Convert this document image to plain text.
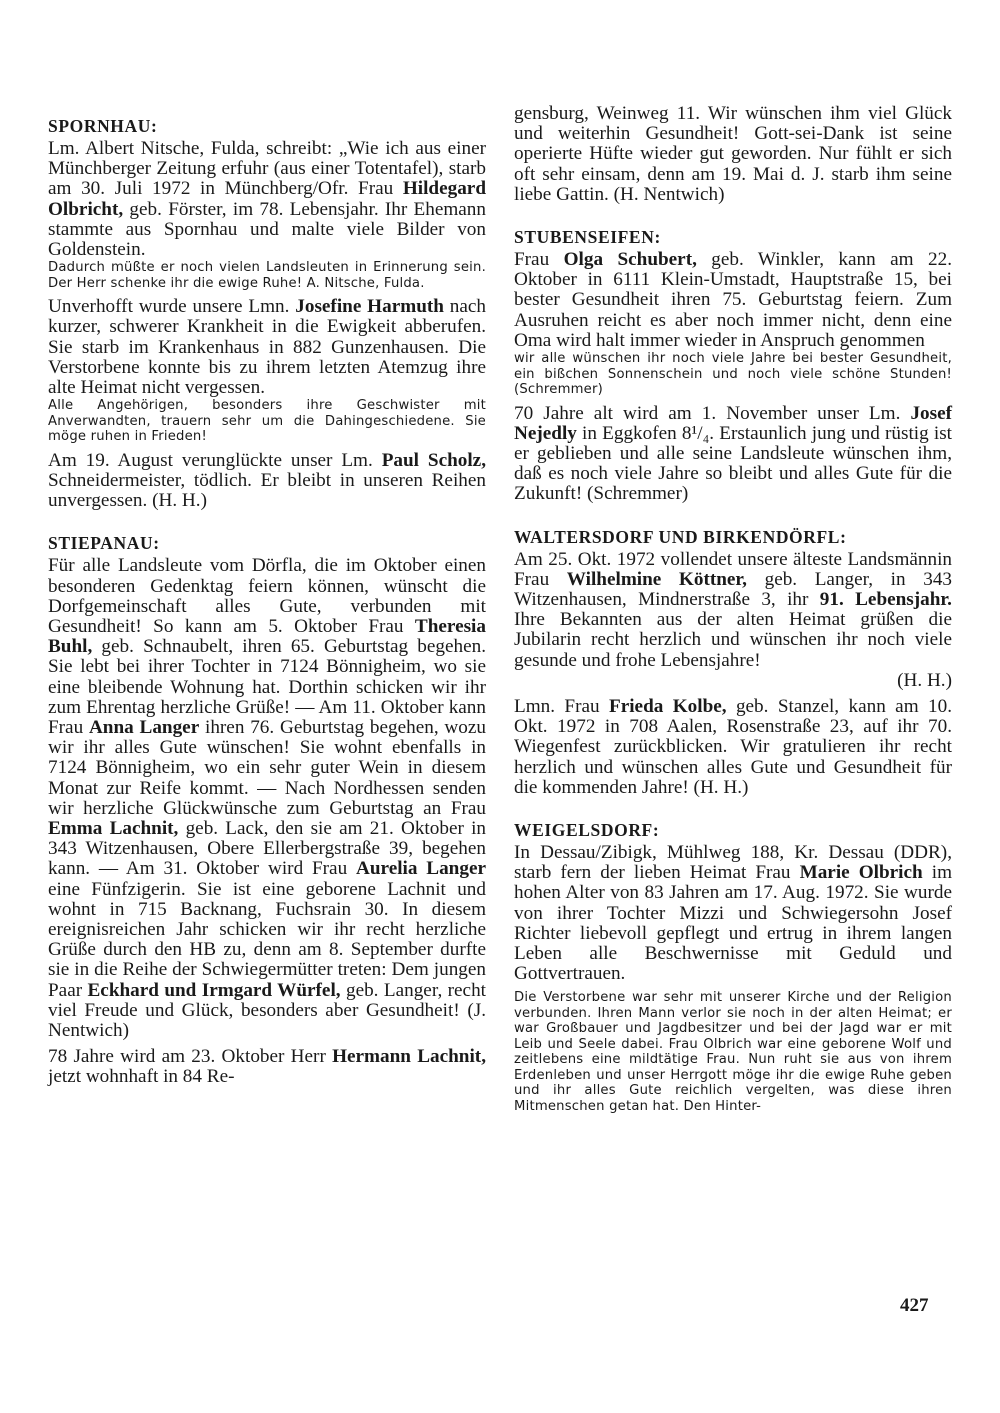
SPORNHAU:
Lm. Albert Nitsche, Fulda, schreibt: „Wie ich aus einer Münchberger Zeitung erfuhr (aus einer Totentafel), starb am 30. Juli 1972 in Münchberg/Ofr. Frau Hildegard Olbricht, geb. Förster, im 78. Lebensjahr. Ihr Ehemann stammte aus Spornhau und malte viele Bilder von Goldenstein.
Dadurch müßte er noch vielen Landsleuten in Erinnerung sein. Der Herr schenke ihr die ewige Ruhe! A. Nitsche, Fulda.
Unverhofft wurde unsere Lmn. Josefine Harmuth nach kurzer, schwerer Krankheit in die Ewigkeit abberufen. Sie starb im Krankenhaus in 882 Gunzenhausen. Die Verstorbene konnte bis zu ihrem letzten Atemzug ihre alte Heimat nicht vergessen.
Alle Angehörigen, besonders ihre Geschwister mit Anverwandten, trauern sehr um die Dahingeschiedene. Sie möge ruhen in Frieden!
Am 19. August verunglückte unser Lm. Paul Scholz, Schneidermeister, tödlich. Er bleibt in unseren Reihen unvergessen. (H. H.)
STIEPANAU:
Für alle Landsleute vom Dörfla, die im Oktober einen besonderen Gedenktag feiern können, wünscht die Dorfgemeinschaft alles Gute, verbunden mit Gesundheit! So kann am 5. Oktober Frau Theresia Buhl, geb. Schnaubelt, ihren 65. Geburtstag begehen. Sie lebt bei ihrer Tochter in 7124 Bönnigheim, wo sie eine bleibende Wohnung hat. Dorthin schicken wir ihr zum Ehrentag herzliche Grüße! — Am 11. Oktober kann Frau Anna Langer ihren 76. Geburtstag begehen, wozu wir ihr alles Gute wünschen! Sie wohnt ebenfalls in 7124 Bönnigheim, wo ein sehr guter Wein in diesem Monat zur Reife kommt. — Nach Nordhessen senden wir herzliche Glückwünsche zum Geburtstag an Frau Emma Lachnit, geb. Lack, den sie am 21. Oktober in 343 Witzenhausen, Obere Ellerbergstraße 39, begehen kann. — Am 31. Oktober wird Frau Aurelia Langer eine Fünfzigerin. Sie ist eine geborene Lachnit und wohnt in 715 Backnang, Fuchsrain 30. In diesem ereignisreichen Jahr schicken wir ihr recht herzliche Grüße durch den HB zu, denn am 8. September durfte sie in die Reihe der Schwiegermütter treten: Dem jungen Paar Eckhard und Irmgard Würfel, geb. Langer, recht viel Freude und Glück, besonders aber Gesundheit! (J. Nentwich)
78 Jahre wird am 23. Oktober Herr Hermann Lachnit, jetzt wohnhaft in 84 Re-
gensburg, Weinweg 11. Wir wünschen ihm viel Glück und weiterhin Gesundheit! Gott-sei-Dank ist seine operierte Hüfte wieder gut geworden. Nur fühlt er sich oft sehr einsam, denn am 19. Mai d. J. starb ihm seine liebe Gattin. (H. Nentwich)
STUBENSEIFEN:
Frau Olga Schubert, geb. Winkler, kann am 22. Oktober in 6111 Klein-Umstadt, Hauptstraße 15, bei bester Gesundheit ihren 75. Geburtstag feiern. Zum Ausruhen reicht es aber noch immer nicht, denn eine Oma wird halt immer wieder in Anspruch genommen
wir alle wünschen ihr noch viele Jahre bei bester Gesundheit, ein bißchen Sonnenschein und noch viele schöne Stunden! (Schremmer)
70 Jahre alt wird am 1. November unser Lm. Josef Nejedly in Eggkofen 8¹/₄. Erstaunlich jung und rüstig ist er geblieben und alle seine Landsleute wünschen ihm, daß es noch viele Jahre so bleibt und alles Gute für die Zukunft! (Schremmer)
WALTERSDORF UND BIRKENDÖRFL:
Am 25. Okt. 1972 vollendet unsere älteste Landsmännin Frau Wilhelmine Köttner, geb. Langer, in 343 Witzenhausen, Mindnerstraße 3, ihr 91. Lebensjahr. Ihre Bekannten aus der alten Heimat grüßen die Jubilarin recht herzlich und wünschen ihr noch viele gesunde und frohe Lebensjahre!
(H. H.)
Lmn. Frau Frieda Kolbe, geb. Stanzel, kann am 10. Okt. 1972 in 708 Aalen, Rosenstraße 23, auf ihr 70. Wiegenfest zurückblicken. Wir gratulieren ihr recht herzlich und wünschen alles Gute und Gesundheit für die kommenden Jahre! (H. H.)
WEIGELSDORF:
In Dessau/Zibigk, Mühlweg 188, Kr. Dessau (DDR), starb fern der lieben Heimat Frau Marie Olbrich im hohen Alter von 83 Jahren am 17. Aug. 1972. Sie wurde von ihrer Tochter Mizzi und Schwiegersohn Josef Richter liebevoll gepflegt und ertrug in ihrem langen Leben alle Beschwernisse mit Geduld und Gottvertrauen.
Die Verstorbene war sehr mit unserer Kirche und der Religion verbunden. Ihren Mann verlor sie noch in der alten Heimat; er war Großbauer und Jagdbesitzer und bei der Jagd war er mit Leib und Seele dabei. Frau Olbrich war eine geborene Wolf und zeitlebens eine mildtätige Frau. Nun ruht sie aus von ihrem Erdenleben und unser Herrgott möge ihr die ewige Ruhe geben und ihr alles Gute reichlich vergelten, was diese ihren Mitmenschen getan hat. Den Hinter-
427
